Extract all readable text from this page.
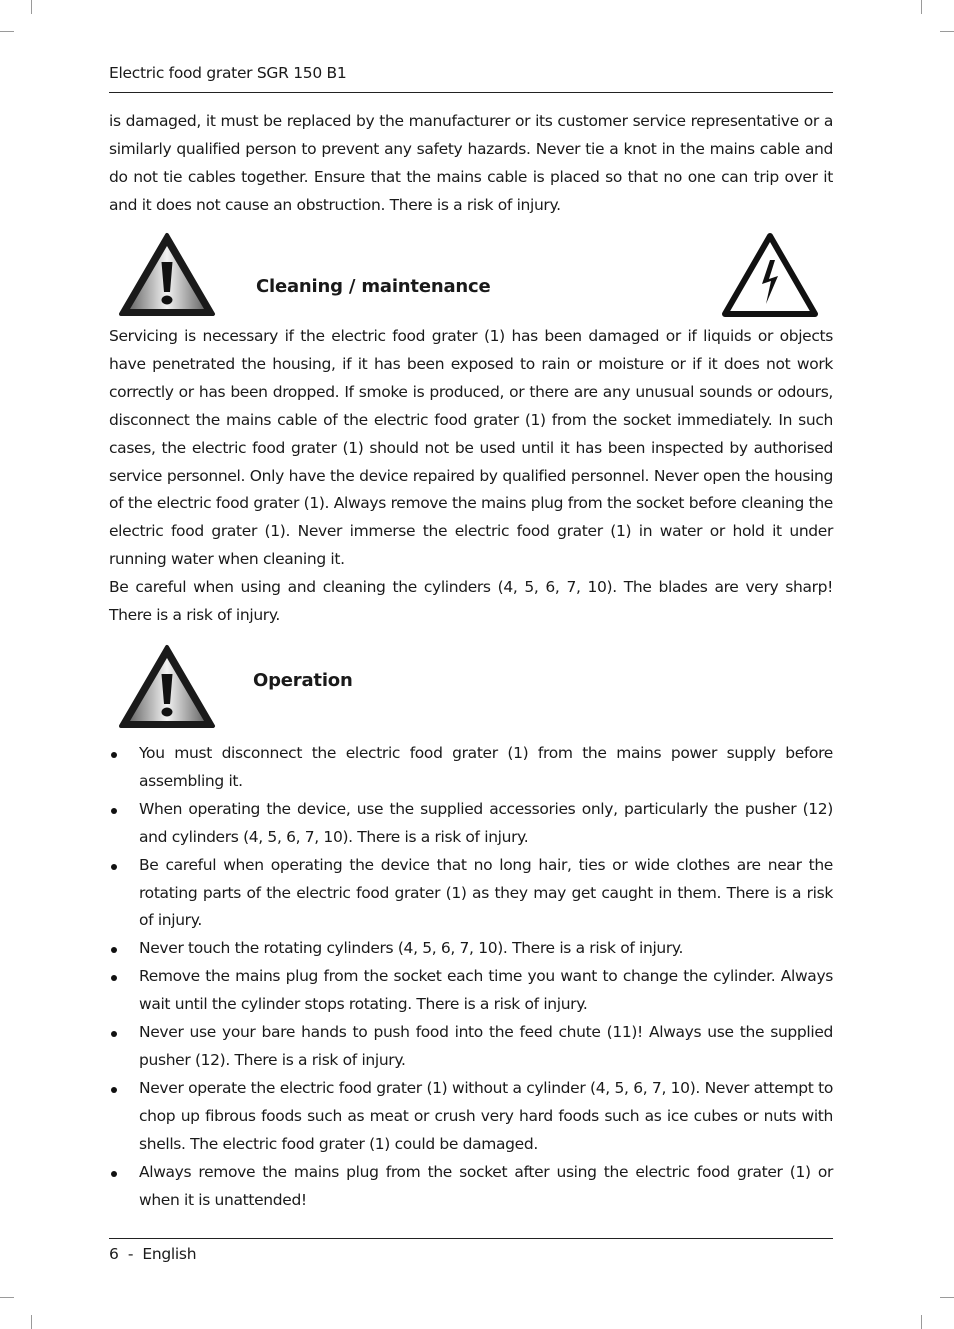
Electric food grater SGR 150 B1

is damaged, it must be replaced by the manufacturer or its customer service representative or a similarly qualified person to prevent any safety hazards. Never tie a knot in the mains cable and do not tie cables together. Ensure that the mains cable is placed so that no one can trip over it and it does not cause an obstruction. There is a risk of injury.

Cleaning / maintenance

Servicing is necessary if the electric food grater (1) has been damaged or if liquids or objects have penetrated the housing, if it has been exposed to rain or moisture or if it does not work correctly or has been dropped. If smoke is produced, or there are any unusual sounds or odours, disconnect the mains cable of the electric food grater (1) from the socket immediately. In such cases, the electric food grater (1) should not be used until it has been inspected by authorised service personnel. Only have the device repaired by qualified personnel. Never open the housing of the electric food grater (1). Always remove the mains plug from the socket before cleaning the electric food grater (1). Never immerse the electric food grater (1) in water or hold it under running water when cleaning it.

Be careful when using and cleaning the cylinders (4, 5, 6, 7, 10). The blades are very sharp! There is a risk of injury.

Operation
You must disconnect the electric food grater (1) from the mains power supply before assembling it.
When operating the device, use the supplied accessories only, particularly the pusher (12) and cylinders (4, 5, 6, 7, 10). There is a risk of injury.
Be careful when operating the device that no long hair, ties or wide clothes are near the rotating parts of the electric food grater (1) as they may get caught in them. There is a risk of injury.
Never touch the rotating cylinders (4, 5, 6, 7, 10). There is a risk of injury.
Remove the mains plug from the socket each time you want to change the cylinder. Always wait until the cylinder stops rotating. There is a risk of injury.
Never use your bare hands to push food into the feed chute (11)! Always use the supplied pusher (12). There is a risk of injury.
Never operate the electric food grater (1) without a cylinder (4, 5, 6, 7, 10). Never attempt to chop up fibrous foods such as meat or crush very hard foods such as ice cubes or nuts with shells. The electric food grater (1) could be damaged.
Always remove the mains plug from the socket after using the electric food grater (1) or when it is unattended!
6  -  English
